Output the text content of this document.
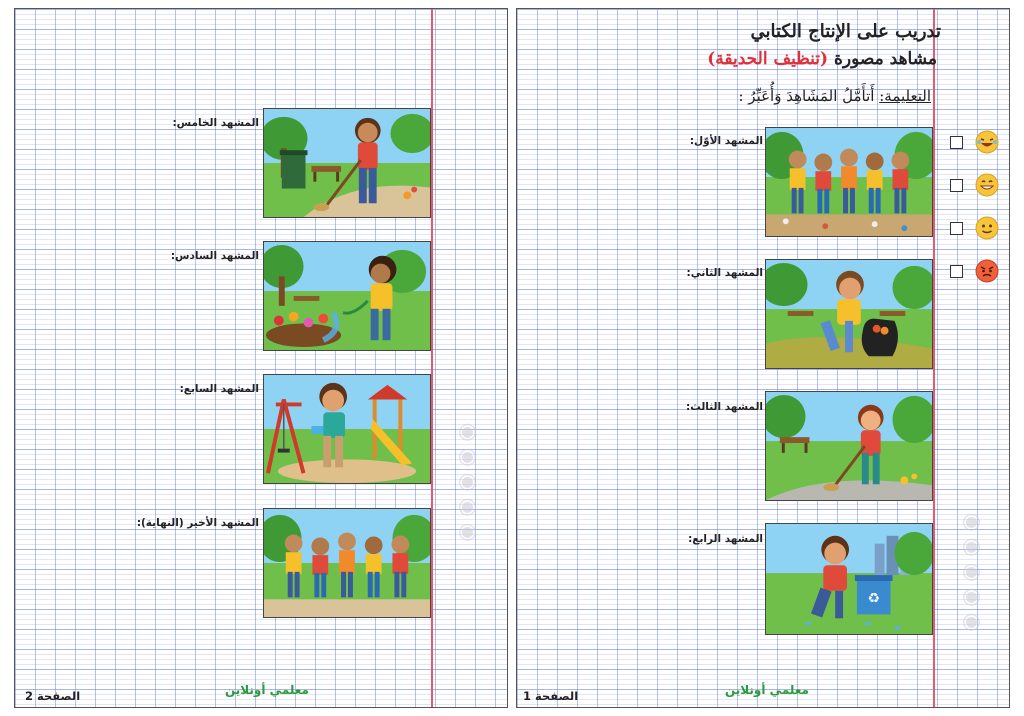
المشهد الخامس:
المشهد السادس:
المشهد السابع:
المشهد الأخير (النهاية):	◉◉◉◉◉
معلمي أونلاين
الصفحة 2
تدريب على الإنتاج الكتابي
مشاهد مصورة (تنظيف الحديقة)
التعليمة: أَتأَمَّلُ المَشَاهِدَ وَأُعَبِّرُ :
المشهد الأوّل:
المشهد الثاني:
المشهد الثالث:
المشهد الرابع:
♻	◉◉◉◉◉
معلمي أونلاين
الصفحة 1
